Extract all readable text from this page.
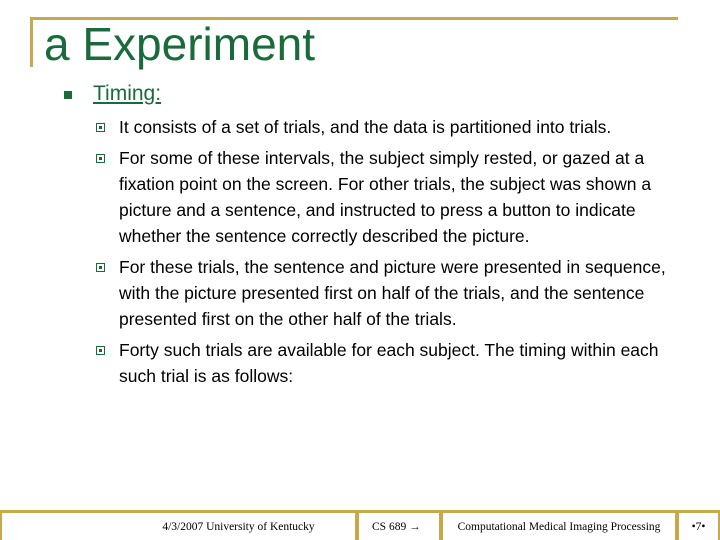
a Experiment
Timing:
It consists of a set of trials, and the data is partitioned into trials.
For some of these intervals, the subject simply rested, or gazed at a fixation point on the screen. For other trials, the subject was shown a picture and a sentence, and instructed to press a button to indicate whether the sentence correctly described the picture.
For these trials, the sentence and picture were presented in sequence, with the picture presented first on half of the trials, and the sentence presented first on the other half of the trials.
Forty such trials are available for each subject. The timing within each such trial is as follows:
4/3/2007 University of Kentucky	CS 689 →	Computational Medical Imaging Processing	•7•
